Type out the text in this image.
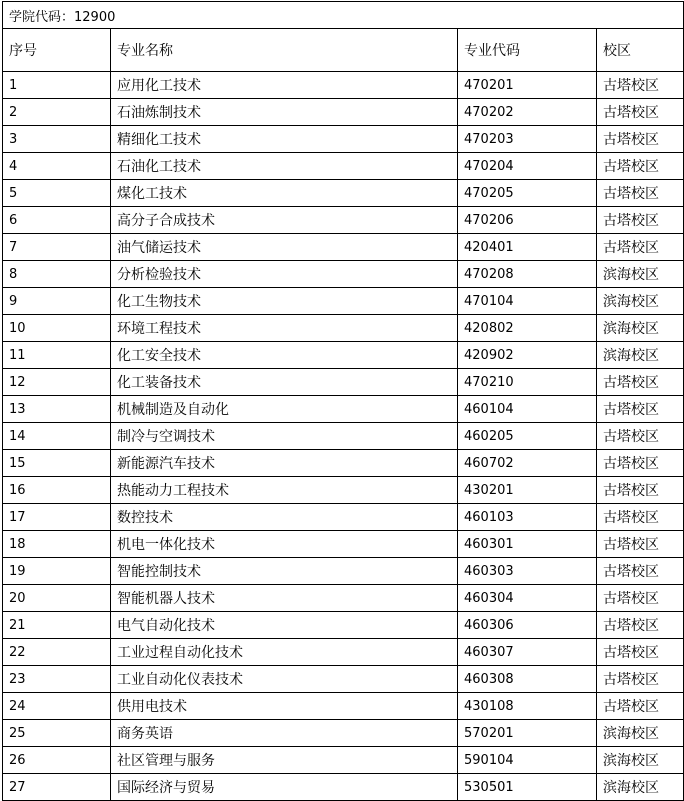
学院代码：12900			
序号	专业名称	专业代码	校区
1	应用化工技术	470201	古塔校区
2	石油炼制技术	470202	古塔校区
3	精细化工技术	470203	古塔校区
4	石油化工技术	470204	古塔校区
5	煤化工技术	470205	古塔校区
6	高分子合成技术	470206	古塔校区
7	油气储运技术	420401	古塔校区
8	分析检验技术	470208	滨海校区
9	化工生物技术	470104	滨海校区
10	环境工程技术	420802	滨海校区
11	化工安全技术	420902	滨海校区
12	化工装备技术	470210	古塔校区
13	机械制造及自动化	460104	古塔校区
14	制冷与空调技术	460205	古塔校区
15	新能源汽车技术	460702	古塔校区
16	热能动力工程技术	430201	古塔校区
17	数控技术	460103	古塔校区
18	机电一体化技术	460301	古塔校区
19	智能控制技术	460303	古塔校区
20	智能机器人技术	460304	古塔校区
21	电气自动化技术	460306	古塔校区
22	工业过程自动化技术	460307	古塔校区
23	工业自动化仪表技术	460308	古塔校区
24	供用电技术	430108	古塔校区
25	商务英语	570201	滨海校区
26	社区管理与服务	590104	滨海校区
27	国际经济与贸易	530501	滨海校区
